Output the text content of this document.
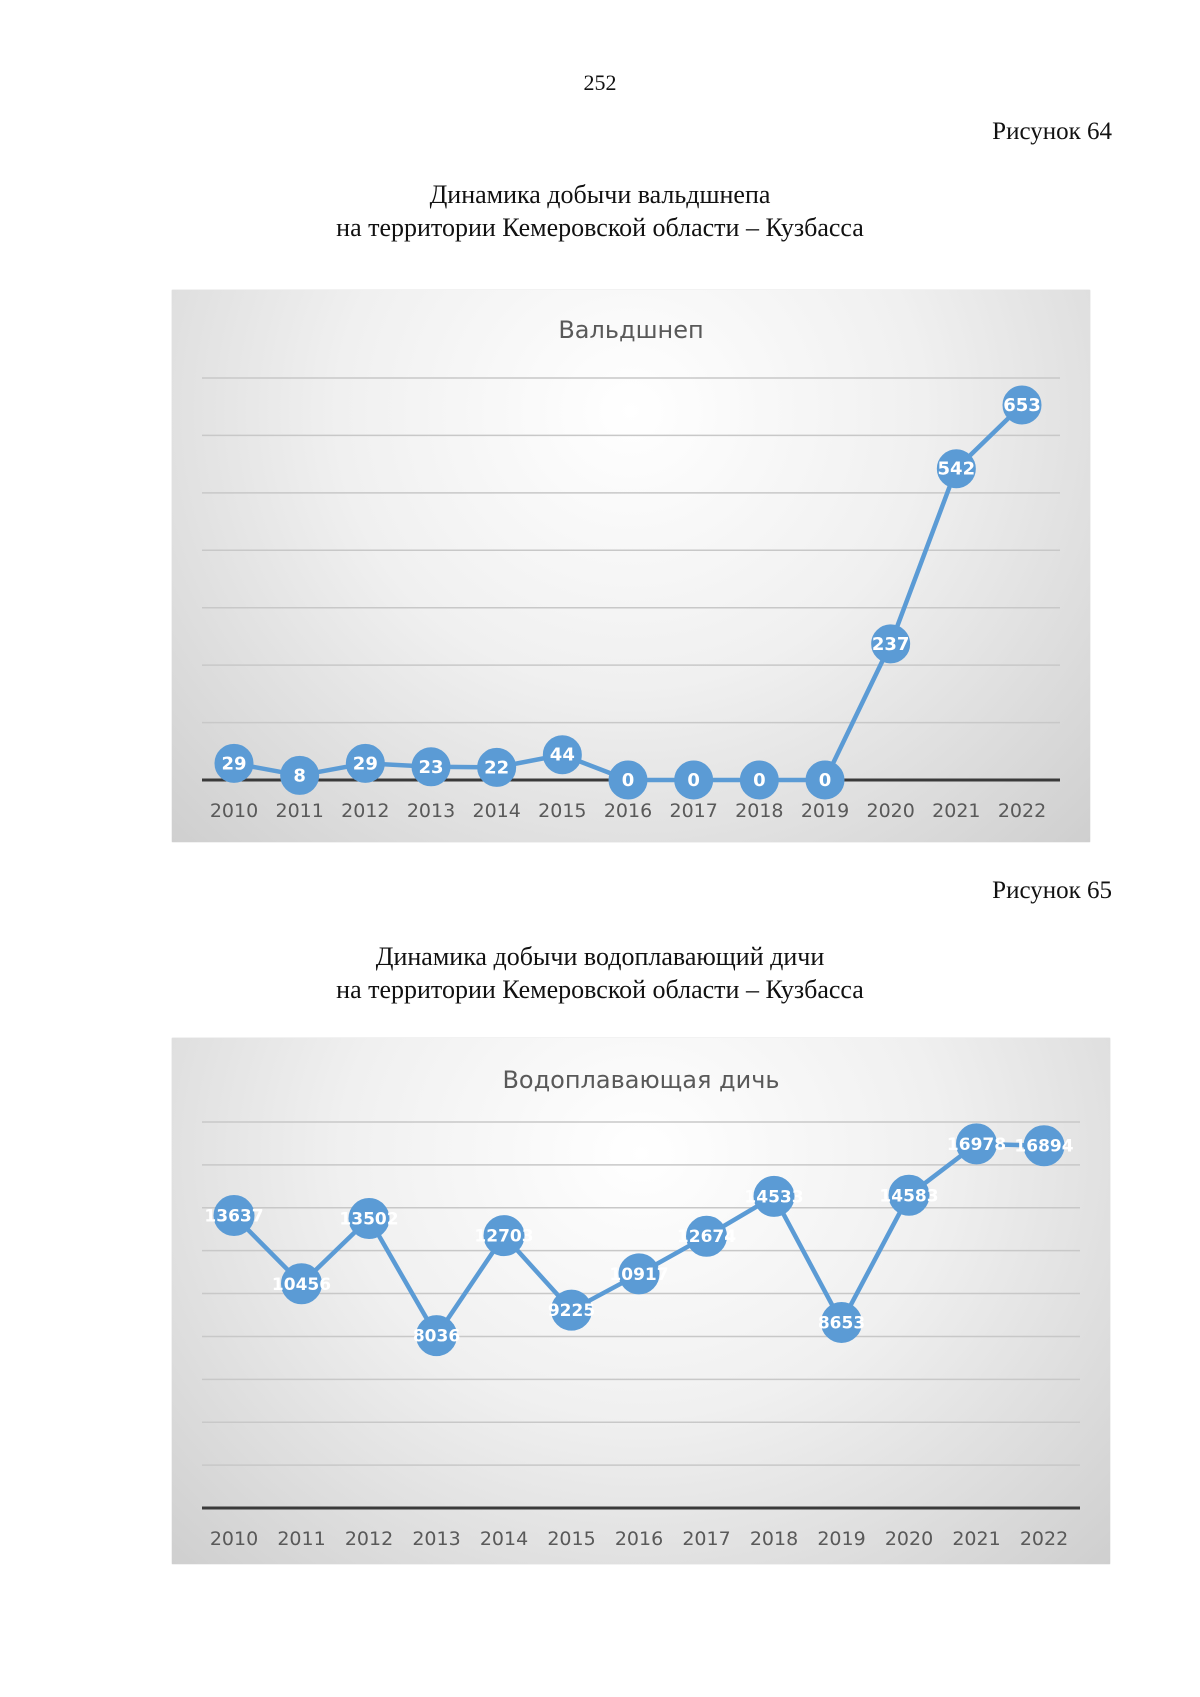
252
Рисунок 64
Динамика добычи вальдшнепа
на территории Кемеровской области – Кузбасса
Вальдшнеп
29
8
29 23 22
44
0	0	0	0
237
542
653
2010 2011 2012 2013 2014 2015 2016 2017 2018 2019 2020 2021 2022
Рисунок 65
Динамика добычи водоплавающий дичи
на территории Кемеровской области – Кузбасса
Водоплавающая дичь
13637
10456
13502
8036
12703
9225
10917
12674
14533
8653
14583
16978 16894
2010 2011 2012 2013 2014 2015 2016 2017 2018 2019 2020 2021 2022
